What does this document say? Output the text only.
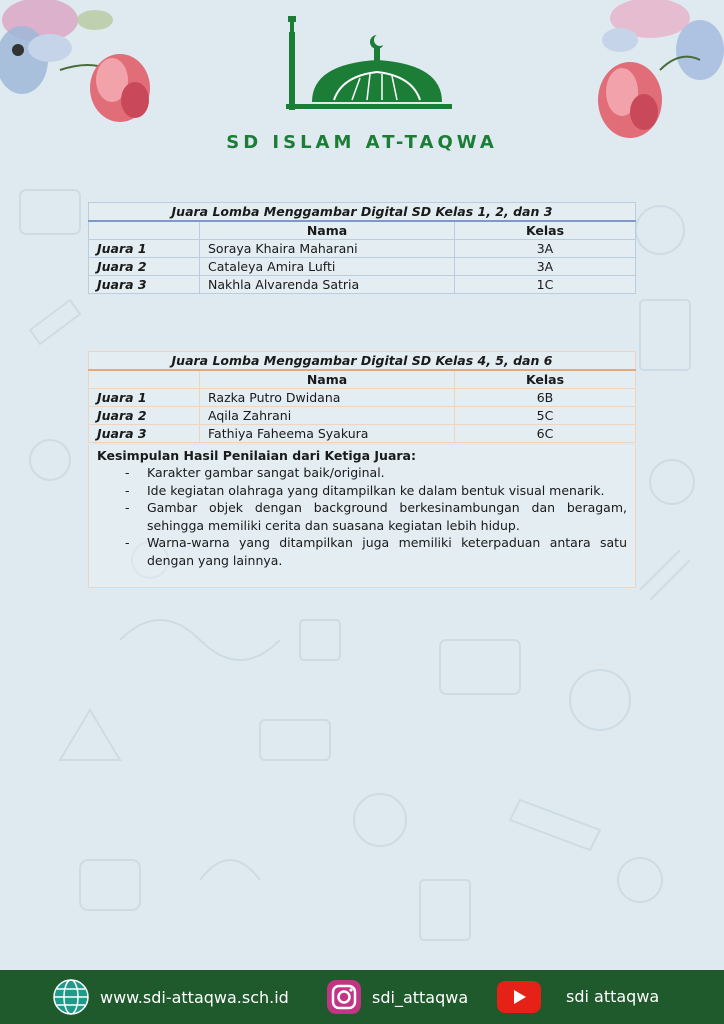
SD ISLAM AT-TAQWA
Juara Lomba Menggambar Digital SD Kelas 1, 2, dan 3		
	Nama	Kelas
Juara 1	Soraya Khaira Maharani	3A
Juara 2	Cataleya Amira Lufti	3A
Juara 3	Nakhla Alvarenda Satria	1C
Juara Lomba Menggambar Digital SD Kelas 4, 5, dan 6		
	Nama	Kelas
Juara 1	Razka Putro Dwidana	6B
Juara 2	Aqila Zahrani	5C
Juara 3	Fathiya Faheema Syakura	6C
Kesimpulan Hasil Penilaian dari Ketiga Juara:
- Karakter gambar sangat baik/original.
- Ide kegiatan olahraga yang ditampilkan ke dalam bentuk visual menarik.
- Gambar objek dengan background berkesinambungan dan beragam, sehingga memiliki cerita dan suasana kegiatan lebih hidup.
- Warna-warna yang ditampilkan juga memiliki keterpaduan antara satu dengan yang lainnya.
www.sdi-attaqwa.sch.id	sdi_attaqwa	sdi attaqwa
